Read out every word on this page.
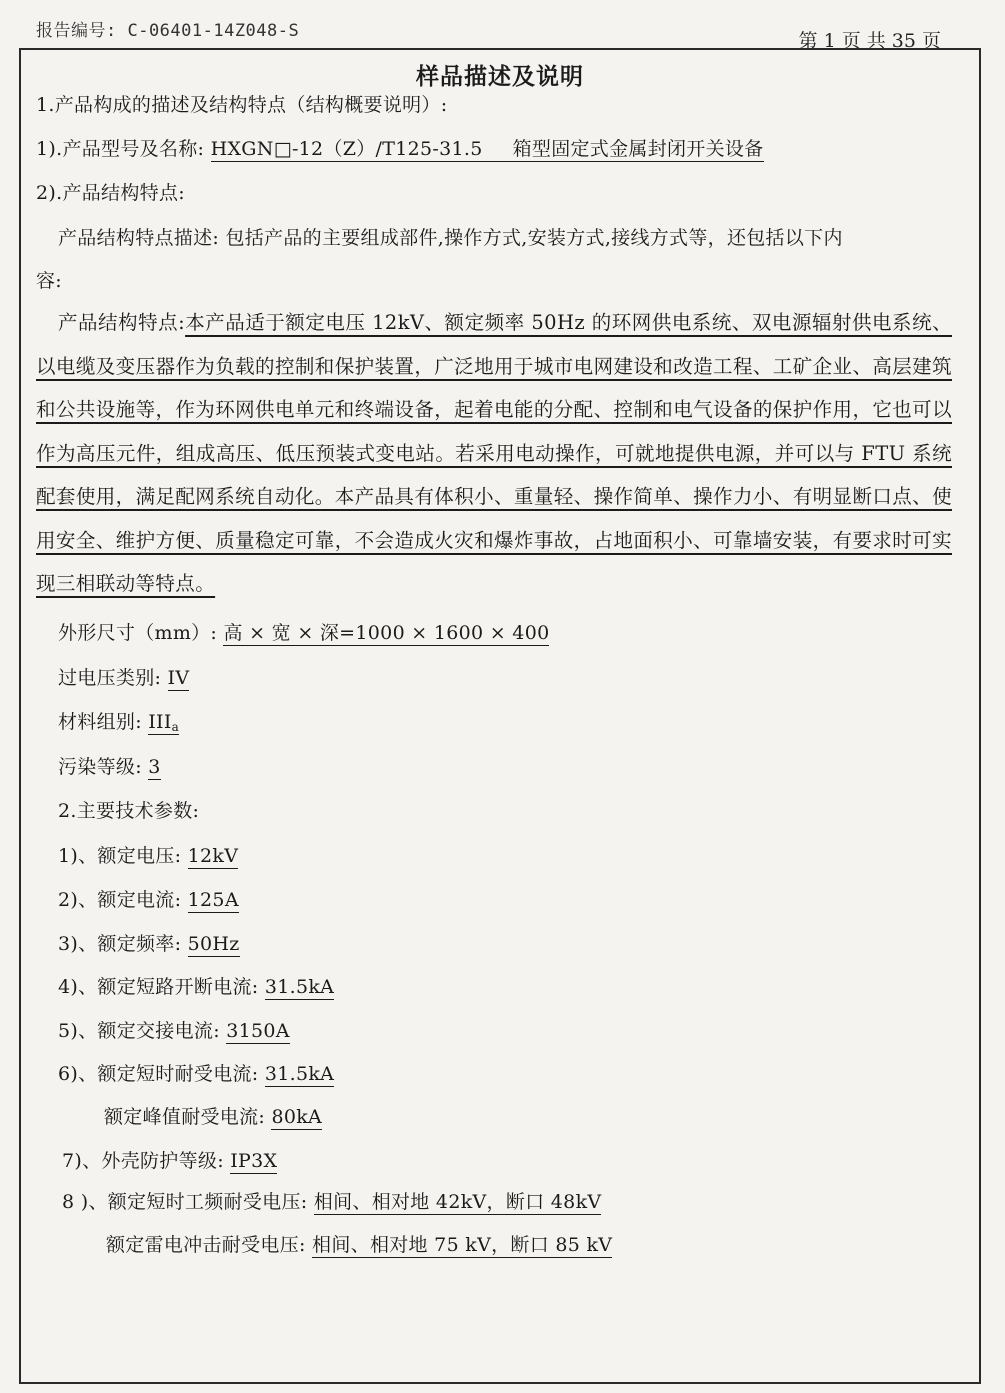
报告编号: C-06401-14Z048-S	第 1 页 共 35 页
样品描述及说明
1.产品构成的描述及结构特点（结构概要说明）:
1).产品型号及名称: HXGN□-12（Z）/T125-31.5 箱型固定式金属封闭开关设备
2).产品结构特点:
产品结构特点描述: 包括产品的主要组成部件,操作方式,安装方式,接线方式等，还包括以下内
容:
产品结构特点:本产品适于额定电压 12kV、额定频率 50Hz 的环网供电系统、双电源辐射供电系统、以电缆及变压器作为负载的控制和保护装置，广泛地用于城市电网建设和改造工程、工矿企业、高层建筑和公共设施等，作为环网供电单元和终端设备，起着电能的分配、控制和电气设备的保护作用，它也可以作为高压元件，组成高压、低压预装式变电站。若采用电动操作，可就地提供电源，并可以与 FTU 系统配套使用，满足配网系统自动化。本产品具有体积小、重量轻、操作简单、操作力小、有明显断口点、使用安全、维护方便、质量稳定可靠，不会造成火灾和爆炸事故，占地面积小、可靠墙安装，有要求时可实现三相联动等特点。
外形尺寸（mm）: 高 × 宽 × 深=1000 × 1600 × 400
过电压类别: IV
材料组别: $III_a$
污染等级: 3
2.主要技术参数:
1)、额定电压: 12kV
2)、额定电流: 125A
3)、额定频率: 50Hz
4)、额定短路开断电流: 31.5kA
5)、额定交接电流: 3150A
6)、额定短时耐受电流: 31.5kA
额定峰值耐受电流: 80kA
7)、外壳防护等级: IP3X
8 )、额定短时工频耐受电压: 相间、相对地 42kV，断口 48kV
额定雷电冲击耐受电压: 相间、相对地 75 kV，断口 85 kV
